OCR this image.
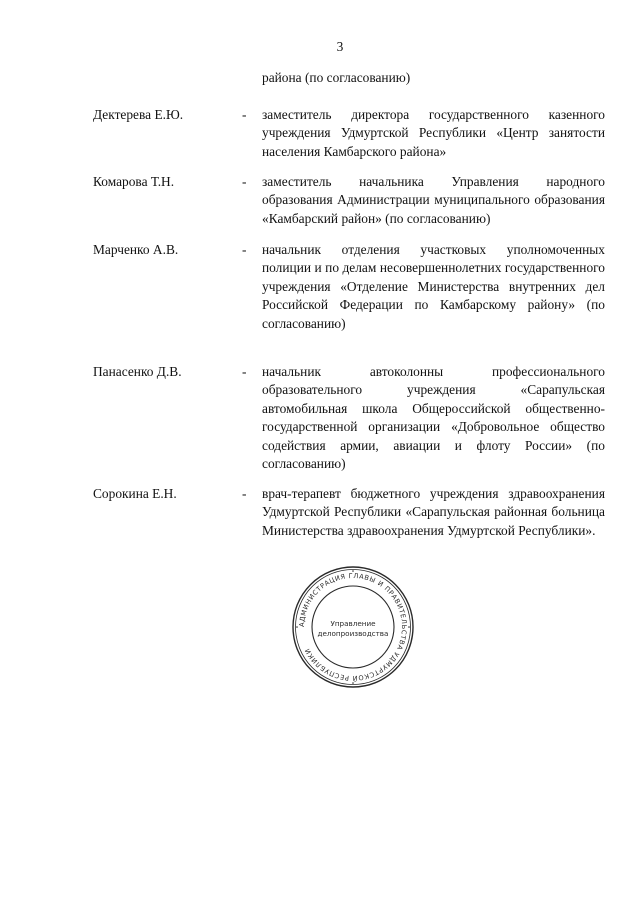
3
района (по согласованию)
Дектерева Е.Ю.	- заместитель директора государственного казенного учреждения Удмуртской Республики «Центр занятости населения Камбарского района»
Комарова Т.Н.	- заместитель начальника Управления народного образования Администрации муниципального образования «Камбарский район» (по согласованию)
Марченко А.В.	- начальник отделения участковых уполномоченных полиции и по делам несовершеннолетних государственного учреждения «Отделение Министерства внутренних дел Российской Федерации по Камбарскому району» (по согласованию)
Панасенко Д.В.	- начальник автоколонны профессионального образовательного учреждения «Сарапульская автомобильная школа Общероссийской общественно-государственной организации «Добровольное общество содействия армии, авиации и флоту России» (по согласованию)
Сорокина Е.Н.	- врач-терапевт бюджетного учреждения здравоохранения Удмуртской Республики «Сарапульская районная больница Министерства здравоохранения Удмуртской Республики».
АДМИНИСТРАЦИЯ ГЛАВЫ И ПРАВИТЕЛЬСТВА УДМУРТСКОЙ РЕСПУБЛИКИ
Управление
делопроизводства
